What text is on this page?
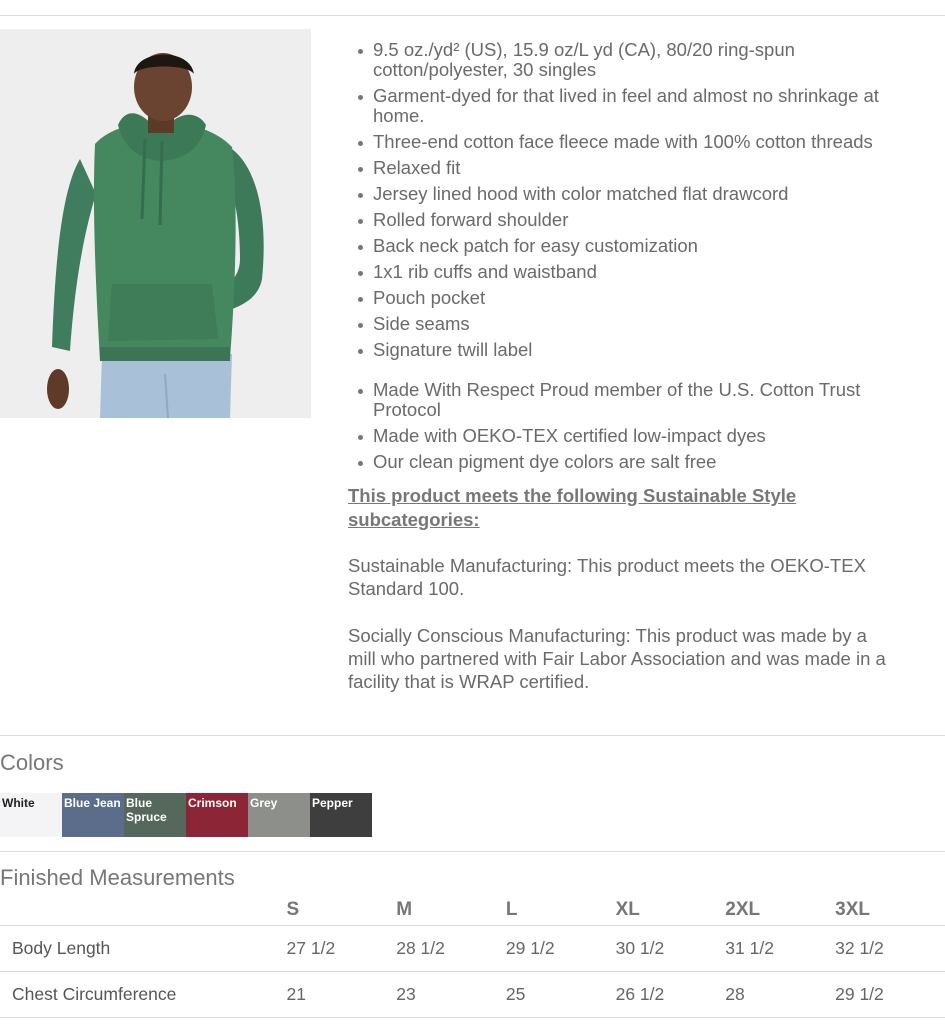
9.5 oz./yd² (US), 15.9 oz/L yd (CA), 80/20 ring-spun cotton/polyester, 30 singles
Garment-dyed for that lived in feel and almost no shrinkage at home.
Three-end cotton face fleece made with 100% cotton threads
Relaxed fit
Jersey lined hood with color matched flat drawcord
Rolled forward shoulder
Back neck patch for easy customization
1x1 rib cuffs and waistband
Pouch pocket
Side seams
Signature twill label
Made With Respect Proud member of the U.S. Cotton Trust Protocol
Made with OEKO-TEX certified low-impact dyes
Our clean pigment dye colors are salt free
This product meets the following Sustainable Style subcategories:

Sustainable Manufacturing: This product meets the OEKO-TEX Standard 100.

Socially Conscious Manufacturing: This product was made by a mill who partnered with Fair Labor Association and was made in a facility that is WRAP certified.

Colors
White	Blue Jean Blue Spruce
Crimson	Grey	Pepper
Finished Measurements
	S	M	L	XL	2XL	3XL
Body Length	27 1/2	28 1/2	29 1/2	30 1/2	31 1/2	32 1/2
Chest Circumference	21	23	25	26 1/2	28	29 1/2
